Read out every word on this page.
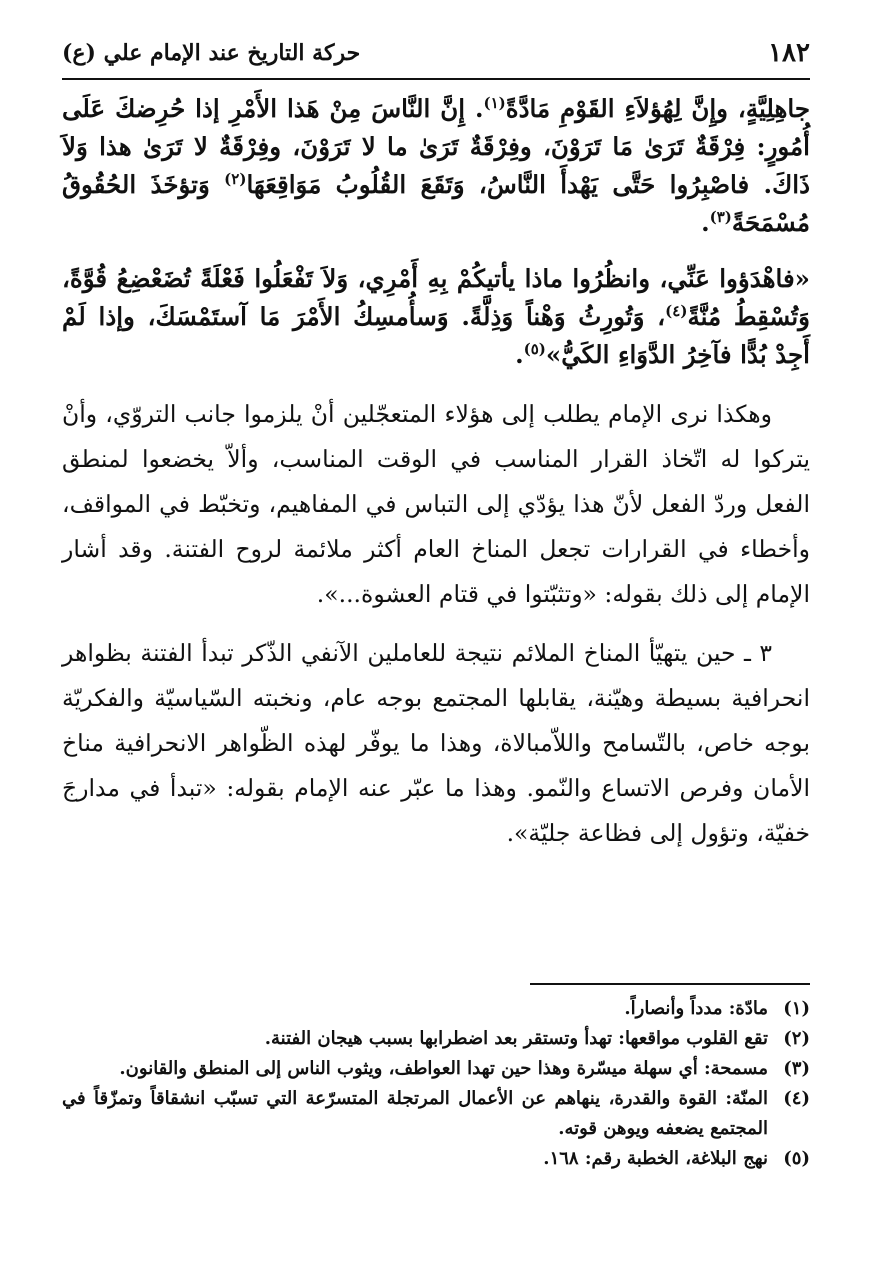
١٨٢
حركة التاريخ عند الإمام علي (ع)

جاهِلِيَّةٍ، وإِنَّ لِهُؤلاَءِ القَوْمِ مَادَّةً$^{(١)}$. إِنَّ النَّاسَ مِنْ هَذا الأَمْرِ إذا حُرِضكَ عَلَى أُمُورٍ: فِرْقَةٌ تَرَىٰ مَا تَرَوْنَ، وفِرْقَةٌ تَرَىٰ ما لا تَرَوْنَ، وفِرْقَةٌ لا تَرَىٰ هذا وَلاَ ذَاكَ. فاصْبِرُوا حَتَّى يَهْدأَ النَّاسُ، وَتَقَعَ القُلُوبُ مَوَاقِعَهَا$^{(٢)}$ وَتؤخَذَ الحُقُوقُ مُسْمَحَةً$^{(٣)}$.

«فاهْدَؤوا عَنِّي، وانظُرُوا ماذا يأتيكُمْ بِهِ أَمْرِي، وَلاَ تَفْعَلُوا فَعْلَةً تُضَعْضِعُ قُوَّةً، وَتُسْقِطُ مُنَّةً$^{(٤)}$، وَتُورِثُ وَهْناً وَذِلَّةً. وَسأُمسِكُ الأَمْرَ مَا آستَمْسَكَ، وإذا لَمْ أَجِدْ بُدًّا فآخِرُ الدَّوَاءِ الكَيُّ»$^{(٥)}$.

وهكذا نرى الإمام يطلب إلى هؤلاء المتعجّلين أنْ يلزموا جانب التروّي، وأنْ يتركوا له اتّخاذ القرار المناسب في الوقت المناسب، وألاّ يخضعوا لمنطق الفعل وردّ الفعل لأنّ هذا يؤدّي إلى التباس في المفاهيم، وتخبّط في المواقف، وأخطاء في القرارات تجعل المناخ العام أكثر ملائمة لروح الفتنة. وقد أشار الإمام إلى ذلك بقوله: «وتثبّتوا في قتام العشوة...».

٣ ـ حين يتهيّأ المناخ الملائم نتيجة للعاملين الآنفي الذّكر تبدأ الفتنة بظواهر انحرافية بسيطة وهيّنة، يقابلها المجتمع بوجه عام، ونخبته السّياسيّة والفكريّة بوجه خاص، بالتّسامح واللاّمبالاة، وهذا ما يوفّر لهذه الظّواهر الانحرافية مناخ الأمان وفرص الاتساع والنّمو. وهذا ما عبّر عنه الإمام بقوله: «تبدأ في مدارجَ خفيّة، وتؤول إلى فظاعة جليّة».

(١)
مادّة: مدداً وأنصاراً.
(٢)
تقع القلوب مواقعها: تهدأ وتستقر بعد اضطرابها بسبب هيجان الفتنة.
(٣)
مسمحة: أي سهلة ميسّرة وهذا حين تهدا العواطف، ويثوب الناس إلى المنطق والقانون.
(٤)
المنّة: القوة والقدرة، ينهاهم عن الأعمال المرتجلة المتسرّعة التي تسبّب انشقاقاً وتمزّقاً في المجتمع يضعفه ويوهن قوته.
(٥)
نهج البلاغة، الخطبة رقم: ١٦٨.
